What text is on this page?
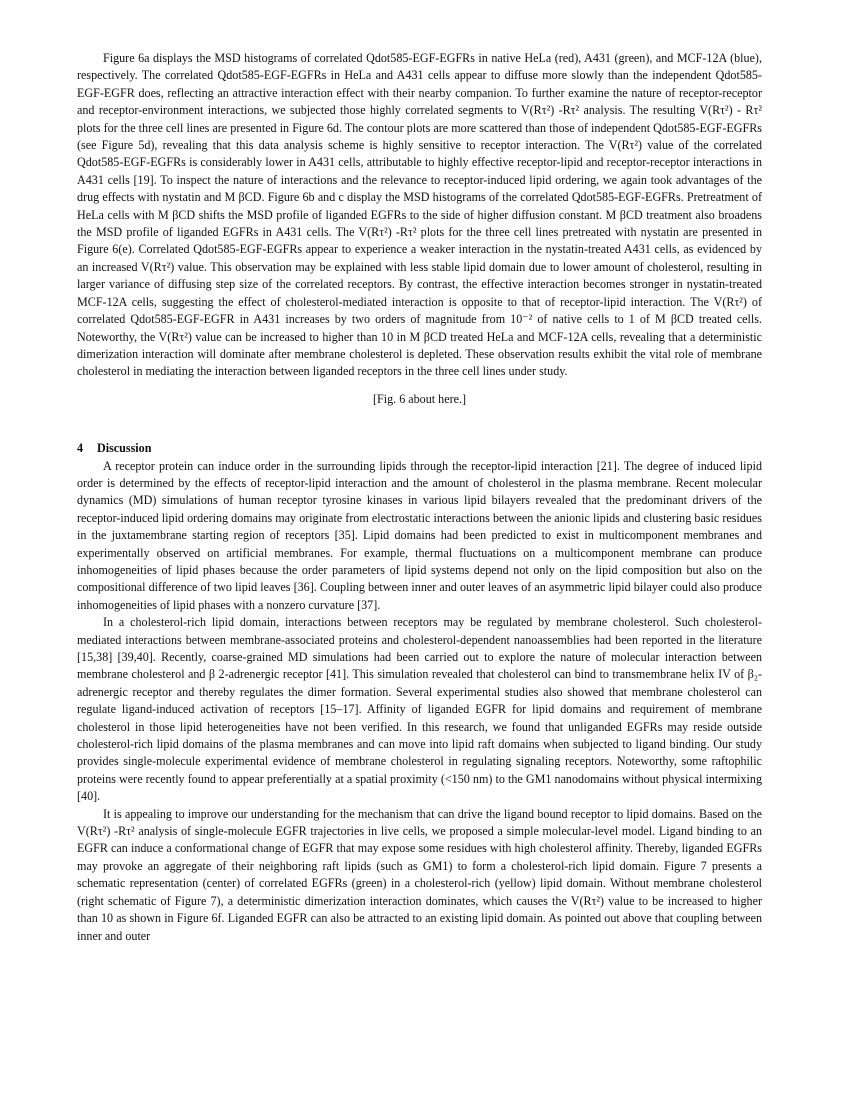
Figure 6a displays the MSD histograms of correlated Qdot585-EGF-EGFRs in native HeLa (red), A431 (green), and MCF-12A (blue), respectively. The correlated Qdot585-EGF-EGFRs in HeLa and A431 cells appear to diffuse more slowly than the independent Qdot585-EGF-EGFR does, reflecting an attractive interaction effect with their nearby companion. To further examine the nature of receptor-receptor and receptor-environment interactions, we subjected those highly correlated segments to V(Rτ²) -Rτ² analysis. The resulting V(Rτ²) - Rτ² plots for the three cell lines are presented in Figure 6d. The contour plots are more scattered than those of independent Qdot585-EGF-EGFRs (see Figure 5d), revealing that this data analysis scheme is highly sensitive to receptor interaction. The V(Rτ²) value of the correlated Qdot585-EGF-EGFRs is considerably lower in A431 cells, attributable to highly effective receptor-lipid and receptor-receptor interactions in A431 cells [19]. To inspect the nature of interactions and the relevance to receptor-induced lipid ordering, we again took advantages of the drug effects with nystatin and M βCD. Figure 6b and c display the MSD histograms of the correlated Qdot585-EGF-EGFRs. Pretreatment of HeLa cells with M βCD shifts the MSD profile of liganded EGFRs to the side of higher diffusion constant. M βCD treatment also broadens the MSD profile of liganded EGFRs in A431 cells. The V(Rτ²) -Rτ² plots for the three cell lines pretreated with nystatin are presented in Figure 6(e). Correlated Qdot585-EGF-EGFRs appear to experience a weaker interaction in the nystatin-treated A431 cells, as evidenced by an increased V(Rτ²) value. This observation may be explained with less stable lipid domain due to lower amount of cholesterol, resulting in larger variance of diffusing step size of the correlated receptors. By contrast, the effective interaction becomes stronger in nystatin-treated MCF-12A cells, suggesting the effect of cholesterol-mediated interaction is opposite to that of receptor-lipid interaction. The V(Rτ²) of correlated Qdot585-EGF-EGFR in A431 increases by two orders of magnitude from 10⁻² of native cells to 1 of M βCD treated cells. Noteworthy, the V(Rτ²) value can be increased to higher than 10 in M βCD treated HeLa and MCF-12A cells, revealing that a deterministic dimerization interaction will dominate after membrane cholesterol is depleted. These observation results exhibit the vital role of membrane cholesterol in mediating the interaction between liganded receptors in the three cell lines under study.

[Fig. 6 about here.]

4 Discussion

A receptor protein can induce order in the surrounding lipids through the receptor-lipid interaction [21]. The degree of induced lipid order is determined by the effects of receptor-lipid interaction and the amount of cholesterol in the plasma membrane. Recent molecular dynamics (MD) simulations of human receptor tyrosine kinases in various lipid bilayers revealed that the predominant drivers of the receptor-induced lipid ordering domains may originate from electrostatic interactions between the anionic lipids and clustering basic residues in the juxtamembrane starting region of receptors [35]. Lipid domains had been predicted to exist in multicomponent membranes and experimentally observed on artificial membranes. For example, thermal fluctuations on a multicomponent membrane can produce inhomogeneities of lipid phases because the order parameters of lipid systems depend not only on the lipid composition but also on the compositional difference of two lipid leaves [36]. Coupling between inner and outer leaves of an asymmetric lipid bilayer could also produce inhomogeneities of lipid phases with a nonzero curvature [37].

In a cholesterol-rich lipid domain, interactions between receptors may be regulated by membrane cholesterol. Such cholesterol-mediated interactions between membrane-associated proteins and cholesterol-dependent nanoassemblies had been reported in the literature [15,38] [39,40]. Recently, coarse-grained MD simulations had been carried out to explore the nature of molecular interaction between membrane cholesterol and β 2-adrenergic receptor [41]. This simulation revealed that cholesterol can bind to transmembrane helix IV of β₂-adrenergic receptor and thereby regulates the dimer formation. Several experimental studies also showed that membrane cholesterol can regulate ligand-induced activation of receptors [15–17]. Affinity of liganded EGFR for lipid domains and requirement of membrane cholesterol in those lipid heterogeneities have not been verified. In this research, we found that unliganded EGFRs may reside outside cholesterol-rich lipid domains of the plasma membranes and can move into lipid raft domains when subjected to ligand binding. Our study provides single-molecule experimental evidence of membrane cholesterol in regulating signaling receptors. Noteworthy, some raftophilic proteins were recently found to appear preferentially at a spatial proximity (<150 nm) to the GM1 nanodomains without physical intermixing [40].

It is appealing to improve our understanding for the mechanism that can drive the ligand bound receptor to lipid domains. Based on the V(Rτ²) -Rτ² analysis of single-molecule EGFR trajectories in live cells, we proposed a simple molecular-level model. Ligand binding to an EGFR can induce a conformational change of EGFR that may expose some residues with high cholesterol affinity. Thereby, liganded EGFRs may provoke an aggregate of their neighboring raft lipids (such as GM1) to form a cholesterol-rich lipid domain. Figure 7 presents a schematic representation (center) of correlated EGFRs (green) in a cholesterol-rich (yellow) lipid domain. Without membrane cholesterol (right schematic of Figure 7), a deterministic dimerization interaction dominates, which causes the V(Rτ²) value to be increased to higher than 10 as shown in Figure 6f. Liganded EGFR can also be attracted to an existing lipid domain. As pointed out above that coupling between inner and outer
